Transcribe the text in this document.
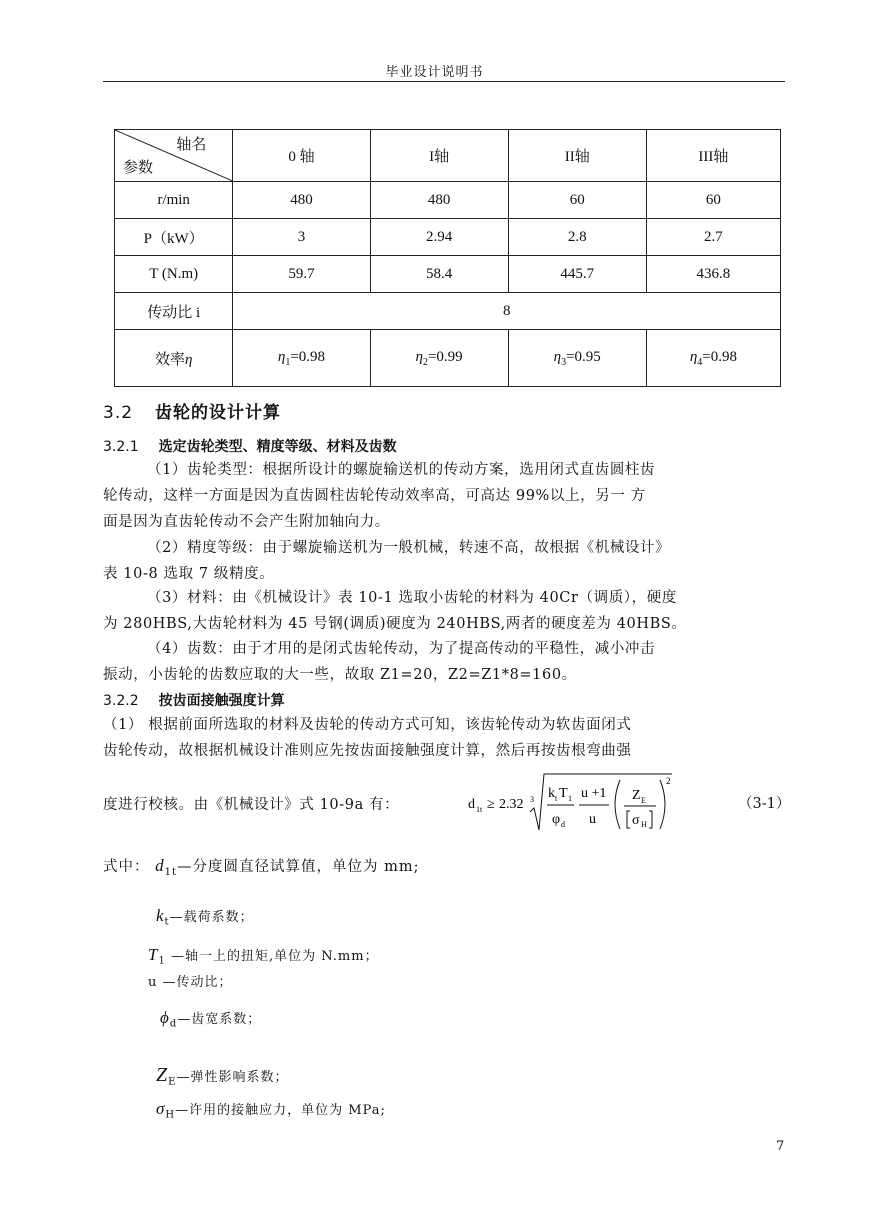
毕业设计说明书
轴名
参数	0 轴	I轴	II轴	III轴
r/min	480	480	60	60
P（kW）	3	2.94	2.8	2.7
T (N.m)	59.7	58.4	445.7	436.8
传动比 i	8			
效率η	$\eta_1=0.98$	$\eta_2=0.99$	$\eta_3=0.95$	$\eta_4=0.98$
3.2 齿轮的设计计算
3.2.1 选定齿轮类型、精度等级、材料及齿数
（1）齿轮类型：根据所设计的螺旋输送机的传动方案，选用闭式直齿圆柱齿
轮传动，这样一方面是因为直齿圆柱齿轮传动效率高，可高达 99%以上，另一 方
面是因为直齿轮传动不会产生附加轴向力。
（2）精度等级：由于螺旋输送机为一般机械，转速不高，故根据《机械设计》
表 10-8 选取 7 级精度。
（3）材料：由《机械设计》表 10-1 选取小齿轮的材料为 40Cr（调质），硬度
为 280HBS,大齿轮材料为 45 号钢(调质)硬度为 240HBS,两者的硬度差为 40HBS。
（4）齿数：由于才用的是闭式齿轮传动，为了提高传动的平稳性，减小冲击
振动，小齿轮的齿数应取的大一些，故取 Z1=20，Z2=Z1*8=160。
3.2.2 按齿面接触强度计算
（1） 根据前面所选取的材料及齿轮的传动方式可知，该齿轮传动为软齿面闭式
齿轮传动，故根据机械设计准则应先按齿面接触强度计算，然后再按齿根弯曲强
度进行校核。由《机械设计》式 10-9a 有：	d 1t ≥ 2.32 3 k t T 1
φ d
u +1
u
Z E
σ H
2
（3-1）
式中： $d_{1t}—$分度圆直径试算值，单位为 mm;
$k_t—$载荷系数；
$T_1$ —轴一上的扭矩,单位为 N.mm；
u —传动比；
$\phi_d—$齿宽系数；
$Z_E—$弹性影响系数；
$\sigma_H—$许用的接触应力，单位为 MPa;
7
